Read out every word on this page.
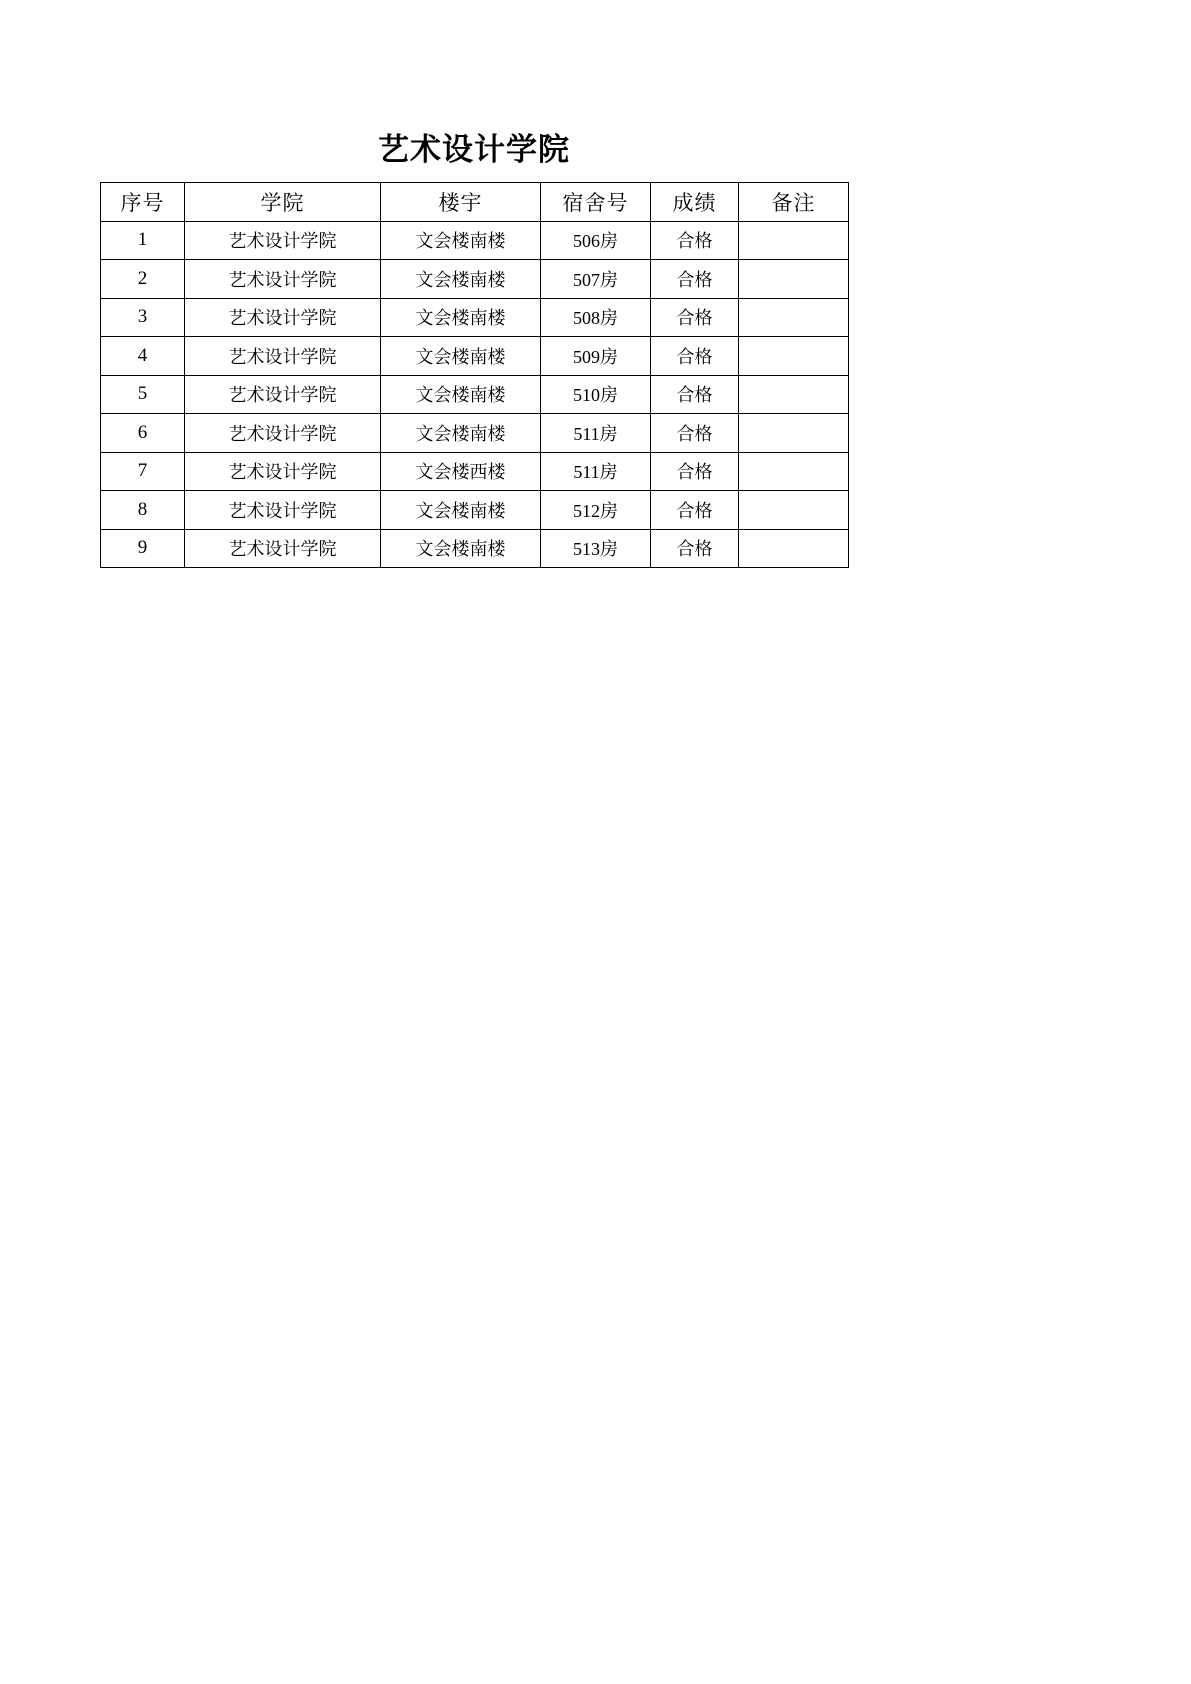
艺术设计学院
序号	学院	楼宇	宿舍号	成绩	备注
1	艺术设计学院	文会楼南楼	506房	合格	
2	艺术设计学院	文会楼南楼	507房	合格	
3	艺术设计学院	文会楼南楼	508房	合格	
4	艺术设计学院	文会楼南楼	509房	合格	
5	艺术设计学院	文会楼南楼	510房	合格	
6	艺术设计学院	文会楼南楼	511房	合格	
7	艺术设计学院	文会楼西楼	511房	合格	
8	艺术设计学院	文会楼南楼	512房	合格	
9	艺术设计学院	文会楼南楼	513房	合格	
